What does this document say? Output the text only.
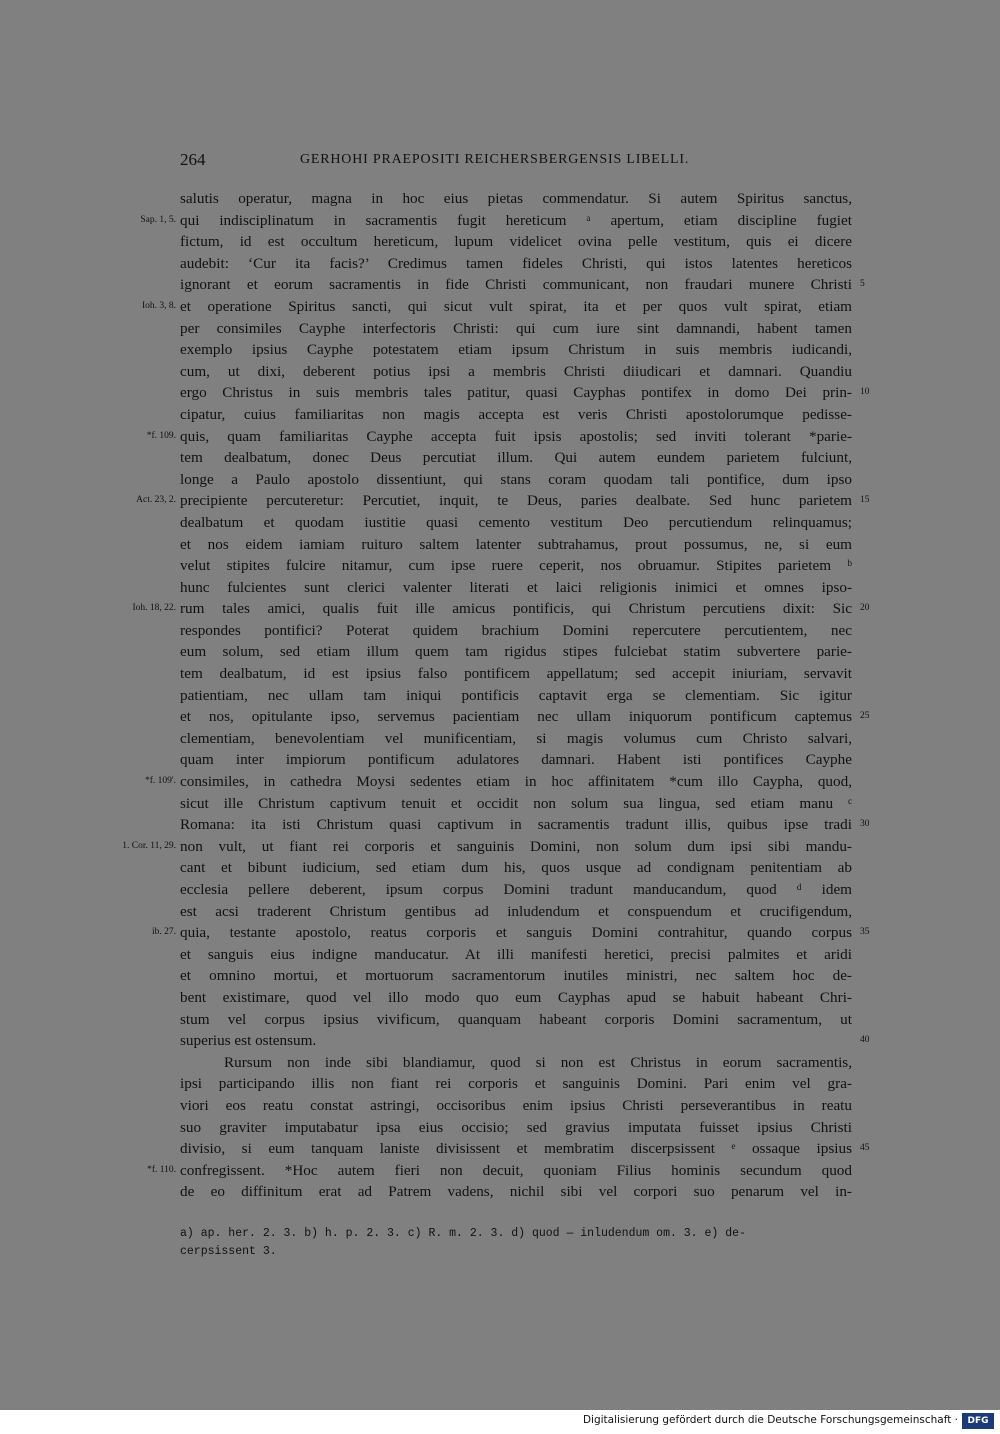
264	GERHOHI PRAEPOSITI REICHERSBERGENSIS LIBELLI.
salutis operatur, magna in hoc eius pietas commendatur. Si autem Spiritus sanctus,
qui indisciplinatum in sacramentis fugit hereticum ᵃ apertum, etiam discipline fugiet
Sap. 1, 5.
fictum, id est occultum hereticum, lupum videlicet ovina pelle vestitum, quis ei dicere
audebit: ‘Cur ita facis?’ Credimus tamen fideles Christi, qui istos latentes hereticos
ignorant et eorum sacramentis in fide Christi communicant, non fraudari munere Christi 5
et operatione Spiritus sancti, qui sicut vult spirat, ita et per quos vult spirat, etiam
Ioh. 3, 8.
per consimiles Cayphe interfectoris Christi: qui cum iure sint damnandi, habent tamen
exemplo ipsius Cayphe potestatem etiam ipsum Christum in suis membris iudicandi,
cum, ut dixi, deberent potius ipsi a membris Christi diiudicari et damnari. Quandiu
ergo Christus in suis membris tales patitur, quasi Cayphas pontifex in domo Dei prin- 10
cipatur, cuius familiaritas non magis accepta est veris Christi apostolorumque pedisse-
quis, quam familiaritas Cayphe accepta fuit ipsis apostolis; sed inviti tolerant *parie-
*f. 109.
tem dealbatum, donec Deus percutiat illum. Qui autem eundem parietem fulciunt,
longe a Paulo apostolo dissentiunt, qui stans coram quodam tali pontifice, dum ipso
precipiente percuteretur: Percutiet, inquit, te Deus, paries dealbate. Sed hunc parietem
Act. 23, 2.	15
dealbatum et quodam iustitie quasi cemento vestitum Deo percutiendum relinquamus;
et nos eidem iamiam ruituro saltem latenter subtrahamus, prout possumus, ne, si eum
velut stipites fulcire nitamur, cum ipse ruere ceperit, nos obruamur. Stipites parietem ᵇ
hunc fulcientes sunt clerici valenter literati et laici religionis inimici et omnes ipso-
rum tales amici, qualis fuit ille amicus pontificis, qui Christum percutiens dixit: Sic
Ioh. 18, 22.	20
respondes pontifici? Poterat quidem brachium Domini repercutere percutientem, nec
eum solum, sed etiam illum quem tam rigidus stipes fulciebat statim subvertere parie-
tem dealbatum, id est ipsius falso pontificem appellatum; sed accepit iniuriam, servavit
patientiam, nec ullam tam iniqui pontificis captavit erga se clementiam. Sic igitur
et nos, opitulante ipso, servemus pacientiam nec ullam iniquorum pontificum captemus 25
clementiam, benevolentiam vel munificentiam, si magis volumus cum Christo salvari,
quam inter impiorum pontificum adulatores damnari. Habent isti pontifices Cayphe
consimiles, in cathedra Moysi sedentes etiam in hoc affinitatem *cum illo Caypha, quod,
*f. 109'.
sicut ille Christum captivum tenuit et occidit non solum sua lingua, sed etiam manu ᶜ
Romana: ita isti Christum quasi captivum in sacramentis tradunt illis, quibus ipse tradi 30
non vult, ut fiant rei corporis et sanguinis Domini, non solum dum ipsi sibi mandu-
1. Cor. 11, 29.
cant et bibunt iudicium, sed etiam dum his, quos usque ad condignam penitentiam ab
ecclesia pellere deberent, ipsum corpus Domini tradunt manducandum, quod ᵈ idem
est acsi traderent Christum gentibus ad inludendum et conspuendum et crucifigendum,
quia, testante apostolo, reatus corporis et sanguis Domini contrahitur, quando corpus
ib. 27.	35
et sanguis eius indigne manducatur. At illi manifesti heretici, precisi palmites et aridi
et omnino mortui, et mortuorum sacramentorum inutiles ministri, nec saltem hoc de-
bent existimare, quod vel illo modo quo eum Cayphas apud se habuit habeant Chri-
stum vel corpus ipsius vivificum, quanquam habeant corporis Domini sacramentum, ut
superius est ostensum.	40
Rursum non inde sibi blandiamur, quod si non est Christus in eorum sacramentis,
ipsi participando illis non fiant rei corporis et sanguinis Domini. Pari enim vel gra-
viori eos reatu constat astringi, occisoribus enim ipsius Christi perseverantibus in reatu
suo graviter imputabatur ipsa eius occisio; sed gravius imputata fuisset ipsius Christi
divisio, si eum tanquam laniste divisissent et membratim discerpsissent ᵉ ossaque ipsius 45
confregissent. *Hoc autem fieri non decuit, quoniam Filius hominis secundum quod
*f. 110.
de eo diffinitum erat ad Patrem vadens, nichil sibi vel corpori suo penarum vel in-
a) ap. her. 2. 3. b) h. p. 2. 3. c) R. m. 2. 3. d) quod — inludendum om. 3. e) de-
cerpsissent 3.
Digitalisierung gefördert durch die Deutsche Forschungsgemeinschaft ·	DFG
